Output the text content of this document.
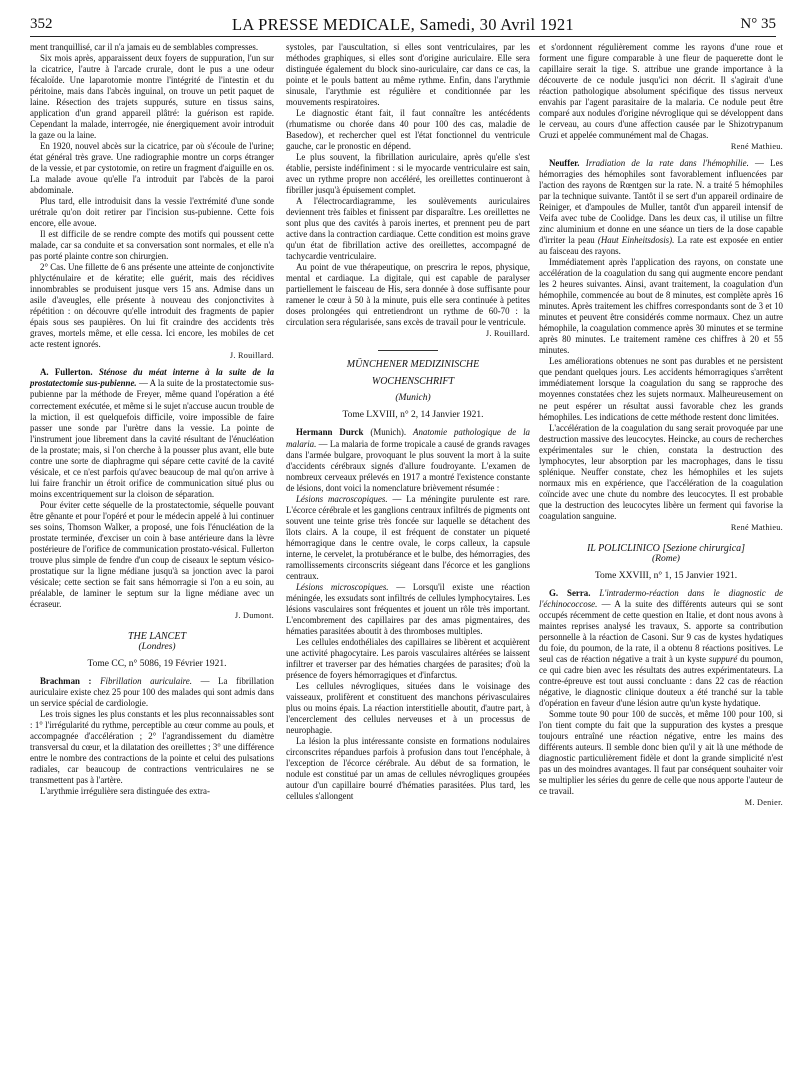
352	LA PRESSE MEDICALE, Samedi, 30 Avril 1921	N° 35

ment tranquillisé, car il n'a jamais eu de semblables compresses.

Six mois après, apparaissent deux foyers de suppuration, l'un sur la cicatrice, l'autre à l'arcade crurale, dont le pus a une odeur fécaloïde. Une laparotomie montre l'intégrité de l'intestin et du péritoine, mais dans l'abcès inguinal, on trouve un petit paquet de laine. Résection des trajets suppurés, suture en tissus sains, application d'un grand appareil plâtré: la guérison est rapide. Cependant la malade, interrogée, nie énergiquement avoir introduit la gaze ou la laine.

En 1920, nouvel abcès sur la cicatrice, par où s'écoule de l'urine; état général très grave. Une radiographie montre un corps étranger de la vessie, et par cystotomie, on retire un fragment d'aiguille en os. La malade avoue qu'elle l'a introduit par l'abcès de la paroi abdominale.

Plus tard, elle introduisit dans la vessie l'extrémité d'une sonde urétrale qu'on doit retirer par l'incision sus-pubienne. Cette fois encore, elle avoue.

Il est difficile de se rendre compte des motifs qui poussent cette malade, car sa conduite et sa conversation sont normales, et elle n'a pas porté plainte contre son chirurgien.

2° Cas. Une fillette de 6 ans présente une atteinte de conjonctivite phlycténulaire et de kératite; elle guérit, mais des récidives innombrables se produisent jusque vers 15 ans. Admise dans un asile d'aveugles, elle présente à nouveau des conjonctivites à répétition : on découvre qu'elle introduit des fragments de papier épais sous ses paupières. On lui fit craindre des accidents très graves, mortels même, et elle cessa. Ici encore, les mobiles de cet acte restent ignorés.

J. Rouillard.

A. Fullerton. Sténose du méat interne à la suite de la prostatectomie sus-pubienne. — A la suite de la prostatectomie sus-pubienne par la méthode de Freyer, même quand l'opération a été correctement exécutée, et même si le sujet n'accuse aucun trouble de la miction, il est quelquefois difficile, voire impossible de faire passer une sonde par l'urètre dans la vessie. La pointe de l'instrument joue librement dans la cavité résultant de l'énucléation de la prostate; mais, si l'on cherche à la pousser plus avant, elle bute contre une sorte de diaphragme qui sépare cette cavité de la cavité vésicale, et ce n'est parfois qu'avec beaucoup de mal qu'on arrive à lui faire franchir un étroit orifice de communication situé plus ou moins excentriquement sur la cloison de séparation.

Pour éviter cette séquelle de la prostatectomie, séquelle pouvant être gênante et pour l'opéré et pour le médecin appelé à lui continuer ses soins, Thomson Walker, a proposé, une fois l'énucléation de la prostate terminée, d'exciser un coin à base antérieure dans la lèvre postérieure de l'orifice de communication prostato-vésical. Fullerton trouve plus simple de fendre d'un coup de ciseaux le septum vésico-prostatique sur la ligne médiane jusqu'à sa jonction avec la paroi vésicale; cette section se fait sans hémorragie si l'on a eu soin, au préalable, de laminer le septum sur la ligne médiane avec un écraseur.

J. Dumont.

THE LANCET

(Londres)

Tome CC, n° 5086, 19 Février 1921.

Brachman : Fibrillation auriculaire. — La fibrillation auriculaire existe chez 25 pour 100 des malades qui sont admis dans un service spécial de cardiologie.

Les trois signes les plus constants et les plus reconnaissables sont : 1° l'irrégularité du rythme, perceptible au cœur comme au pouls, et accompagnée d'accélération ; 2° l'agrandissement du diamètre transversal du cœur, et la dilatation des oreillettes ; 3° une différence entre le nombre des contractions de la pointe et celui des pulsations radiales, car beaucoup de contractions ventriculaires ne se transmettent pas à l'artère.

L'arythmie irrégulière sera distinguée des extra-

systoles, par l'auscultation, si elles sont ventriculaires, par les méthodes graphiques, si elles sont d'origine auriculaire. Elle sera distinguée également du block sino-auriculaire, car dans ce cas, la pointe et le pouls battent au même rythme. Enfin, dans l'arythmie sinusale, l'arythmie est régulière et conditionnée par les mouvements respiratoires.

Le diagnostic étant fait, il faut connaître les antécédents (rhumatisme ou chorée dans 40 pour 100 des cas, maladie de Basedow), et rechercher quel est l'état fonctionnel du ventricule gauche, car le pronostic en dépend.

Le plus souvent, la fibrillation auriculaire, après qu'elle s'est établie, persiste indéfiniment : si le myocarde ventriculaire est sain, avec un rythme propre non accéléré, les oreillettes continueront à fibriller jusqu'à épuisement complet.

A l'électrocardiagramme, les soulèvements auriculaires deviennent très faibles et finissent par disparaître. Les oreillettes ne sont plus que des cavités à parois inertes, et prennent peu de part active dans la contraction cardiaque. Cette condition est moins grave qu'un état de fibrillation active des oreillettes, accompagné de tachycardie ventriculaire.

Au point de vue thérapeutique, on prescrira le repos, physique, mental et cardiaque. La digitale, qui est capable de paralyser partiellement le faisceau de His, sera donnée à dose suffisante pour ramener le cœur à 50 à la minute, puis elle sera continuée à petites doses prolongées qui entretiendront un rythme de 60-70 : la circulation sera régularisée, sans excès de travail pour le ventricule.

J. Rouillard.

MÜNCHENER MEDIZINISCHE

WOCHENSCHRIFT

(Munich)

Tome LXVIII, n° 2, 14 Janvier 1921.

Hermann Durck (Munich). Anatomie pathologique de la malaria. — La malaria de forme tropicale a causé de grands ravages dans l'armée bulgare, provoquant le plus souvent la mort à la suite d'accidents cérébraux signés d'allure foudroyante. L'examen de nombreux cerveaux prélevés en 1917 a montré l'existence constante de lésions, dont voici la nomenclature brièvement résumée :

Lésions macroscopiques. — La méningite purulente est rare. L'écorce cérébrale et les ganglions centraux infiltrés de pigments ont souvent une teinte grise très foncée sur laquelle se détachent des îlots clairs. A la coupe, il est fréquent de constater un piqueté hémorragique dans le centre ovale, le corps calleux, la capsule interne, le cervelet, la protubérance et le bulbe, des hémorragies, des ramollissements circonscrits siégeant dans l'écorce et les ganglions centraux.

Lésions microscopiques. — Lorsqu'il existe une réaction méningée, les exsudats sont infiltrés de cellules lymphocytaires. Les lésions vasculaires sont fréquentes et jouent un rôle très important. L'encombrement des capillaires par des amas pigmentaires, des hématies parasitées aboutit à des thromboses multiples.

Les cellules endothéliales des capillaires se libèrent et acquièrent une activité phagocytaire. Les parois vasculaires altérées se laissent infiltrer et traverser par des hématies chargées de parasites; d'où la présence de foyers hémorragiques et d'infarctus.

Les cellules névrogliques, situées dans le voisinage des vaisseaux, prolifèrent et constituent des manchons périvasculaires plus ou moins épais. La réaction interstitielle aboutit, d'autre part, à l'encerclement des cellules nerveuses et à un processus de neurophagie.

La lésion la plus intéressante consiste en formations nodulaires circonscrites répandues parfois à profusion dans tout l'encéphale, à l'exception de l'écorce cérébrale. Au début de sa formation, le nodule est constitué par un amas de cellules névrogliques groupées autour d'un capillaire bourré d'hématies parasitées. Plus tard, les cellules s'allongent

et s'ordonnent régulièrement comme les rayons d'une roue et forment une figure comparable à une fleur de paquerette dont le capillaire serait la tige. S. attribue une grande importance à la découverte de ce nodule jusqu'ici non décrit. Il s'agirait d'une réaction pathologique absolument spécifique des tissus nerveux envahis par l'agent parasitaire de la malaria. Ce nodule peut être comparé aux nodules d'origine névroglique qui se développent dans le cerveau, au cours d'une affection causée par le Shizotrypanum Cruzi et appelée communément mal de Chagas.

René Mathieu.

Neuffer. Irradiation de la rate dans l'hémophilie. — Les hémorragies des hémophiles sont favorablement influencées par l'action des rayons de Rœntgen sur la rate. N. a traité 5 hémophiles par la technique suivante. Tantôt il se sert d'un appareil ordinaire de Reiniger, et d'ampoules de Muller, tantôt d'un appareil intensif de Veifa avec tube de Coolidge. Dans les deux cas, il utilise un filtre zinc aluminium et donne en une séance un tiers de la dose capable d'irriter la peau (Haut Einheitsdosis). La rate est exposée en entier au faisceau des rayons.

Immédiatement après l'application des rayons, on constate une accélération de la coagulation du sang qui augmente encore pendant les 2 heures suivantes. Ainsi, avant traitement, la coagulation d'un hémophile, commencée au bout de 8 minutes, est complète après 16 minutes. Après traitement les chiffres correspondants sont de 3 et 10 minutes et peuvent être considérés comme normaux. Chez un autre hémophile, la coagulation commence après 30 minutes et se termine après 80 minutes. Le traitement ramène ces chiffres à 20 et 55 minutes.

Les améliorations obtenues ne sont pas durables et ne persistent que pendant quelques jours. Les accidents hémorragiques s'arrêtent immédiatement lorsque la coagulation du sang se rapproche des moyennes constatées chez les sujets normaux. Malheureusement on ne peut espérer un résultat aussi favorable chez les grands hémophiles. Les indications de cette méthode restent donc limitées.

L'accélération de la coagulation du sang serait provoquée par une destruction massive des leucocytes. Heincke, au cours de recherches expérimentales sur le chien, constata la destruction des lymphocytes, leur absorption par les macrophages, dans le tissu splénique. Neuffer constate, chez les hémophiles et les sujets normaux mis en expérience, que l'accélération de la coagulation coïncide avec une chute du nombre des leucocytes. Il est probable que la destruction des leucocytes libère un ferment qui favorise la coagulation sanguine.

René Mathieu.

IL POLICLINICO [Sezione chirurgica]

(Rome)

Tome XXVIII, n° 1, 15 Janvier 1921.

G. Serra. L'intradermo-réaction dans le diagnostic de l'échinococcose. — A la suite des différents auteurs qui se sont occupés récemment de cette question en Italie, et dont nous avons à maintes reprises analysé les travaux, S. apporte sa contribution personnelle à la réaction de Casoni. Sur 9 cas de kystes hydatiques du foie, du poumon, de la rate, il a obtenu 8 réactions positives. Le seul cas de réaction négative a trait à un kyste suppuré du poumon, ce qui cadre bien avec les résultats des autres expérimentateurs. La contre-épreuve est tout aussi concluante : dans 22 cas de réaction négative, le diagnostic clinique douteux a été tranché sur la table d'opération en faveur d'une lésion autre qu'un kyste hydatique.

Somme toute 90 pour 100 de succès, et même 100 pour 100, si l'on tient compte du fait que la suppuration des kystes a presque toujours entraîné une réaction négative, entre les mains des différents auteurs. Il semble donc bien qu'il y ait là une méthode de diagnostic particulièrement fidèle et dont la grande simplicité n'est pas un des moindres avantages. Il faut par conséquent souhaiter voir se multiplier les séries du genre de celle que nous apporte l'auteur de ce travail.

M. Denier.
